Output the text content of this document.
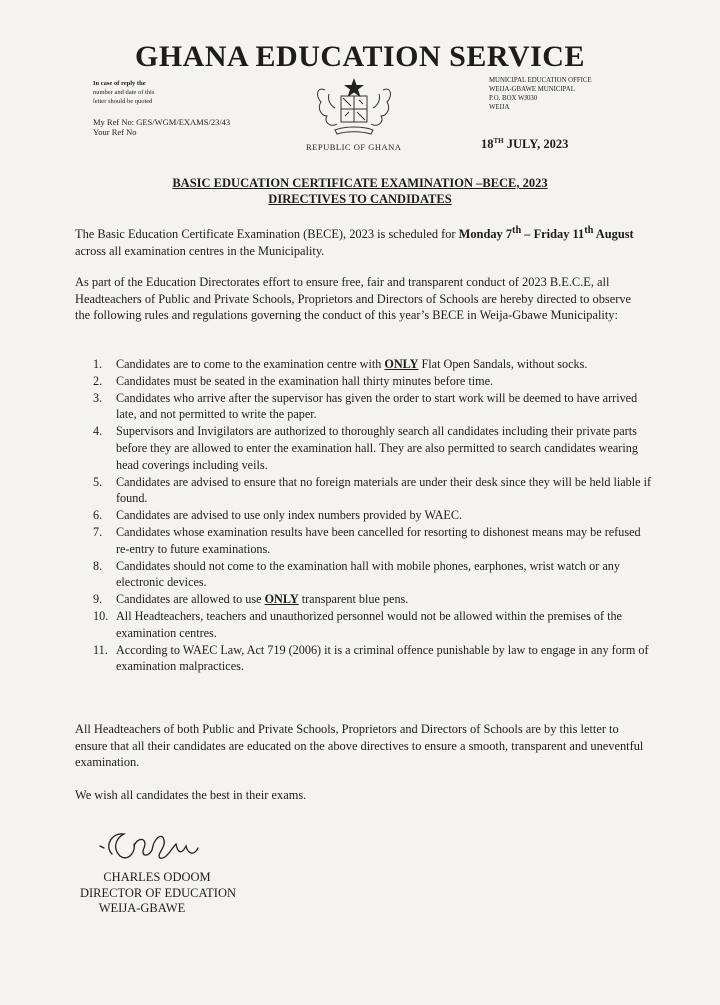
GHANA EDUCATION SERVICE
In case of reply the
number and date of this
letter should be quoted
My Ref No: GES/WGM/EXAMS/23/43
Your Ref No
REPUBLIC OF GHANA
MUNICIPAL EDUCATION OFFICE
WEIJA-GBAWE MUNICIPAL
P.O. BOX WJ030
WEIJA
18TH JULY, 2023
BASIC EDUCATION CERTIFICATE EXAMINATION –BECE, 2023
DIRECTIVES TO CANDIDATES

The Basic Education Certificate Examination (BECE), 2023 is scheduled for Monday 7th – Friday 11th August across all examination centres in the Municipality.

As part of the Education Directorates effort to ensure free, fair and transparent conduct of 2023 B.E.C.E, all Headteachers of Public and Private Schools, Proprietors and Directors of Schools are hereby directed to observe the following rules and regulations governing the conduct of this year’s BECE in Weija-Gbawe Municipality:

1. Candidates are to come to the examination centre with ONLY Flat Open Sandals, without socks.
2. Candidates must be seated in the examination hall thirty minutes before time.
3. Candidates who arrive after the supervisor has given the order to start work will be deemed to have arrived late, and not permitted to write the paper.
4. Supervisors and Invigilators are authorized to thoroughly search all candidates including their private parts before they are allowed to enter the examination hall. They are also permitted to search candidates wearing head coverings including veils.
5. Candidates are advised to ensure that no foreign materials are under their desk since they will be held liable if found.
6. Candidates are advised to use only index numbers provided by WAEC.
7. Candidates whose examination results have been cancelled for resorting to dishonest means may be refused re-entry to future examinations.
8. Candidates should not come to the examination hall with mobile phones, earphones, wrist watch or any electronic devices.
9. Candidates are allowed to use ONLY transparent blue pens.
10. All Headteachers, teachers and unauthorized personnel would not be allowed within the premises of the examination centres.
11. According to WAEC Law, Act 719 (2006) it is a criminal offence punishable by law to engage in any form of examination malpractices.

All Headteachers of both Public and Private Schools, Proprietors and Directors of Schools are by this letter to ensure that all their candidates are educated on the above directives to ensure a smooth, transparent and uneventful examination.

We wish all candidates the best in their exams.

CHARLES ODOOM
DIRECTOR OF EDUCATION
WEIJA-GBAWE
